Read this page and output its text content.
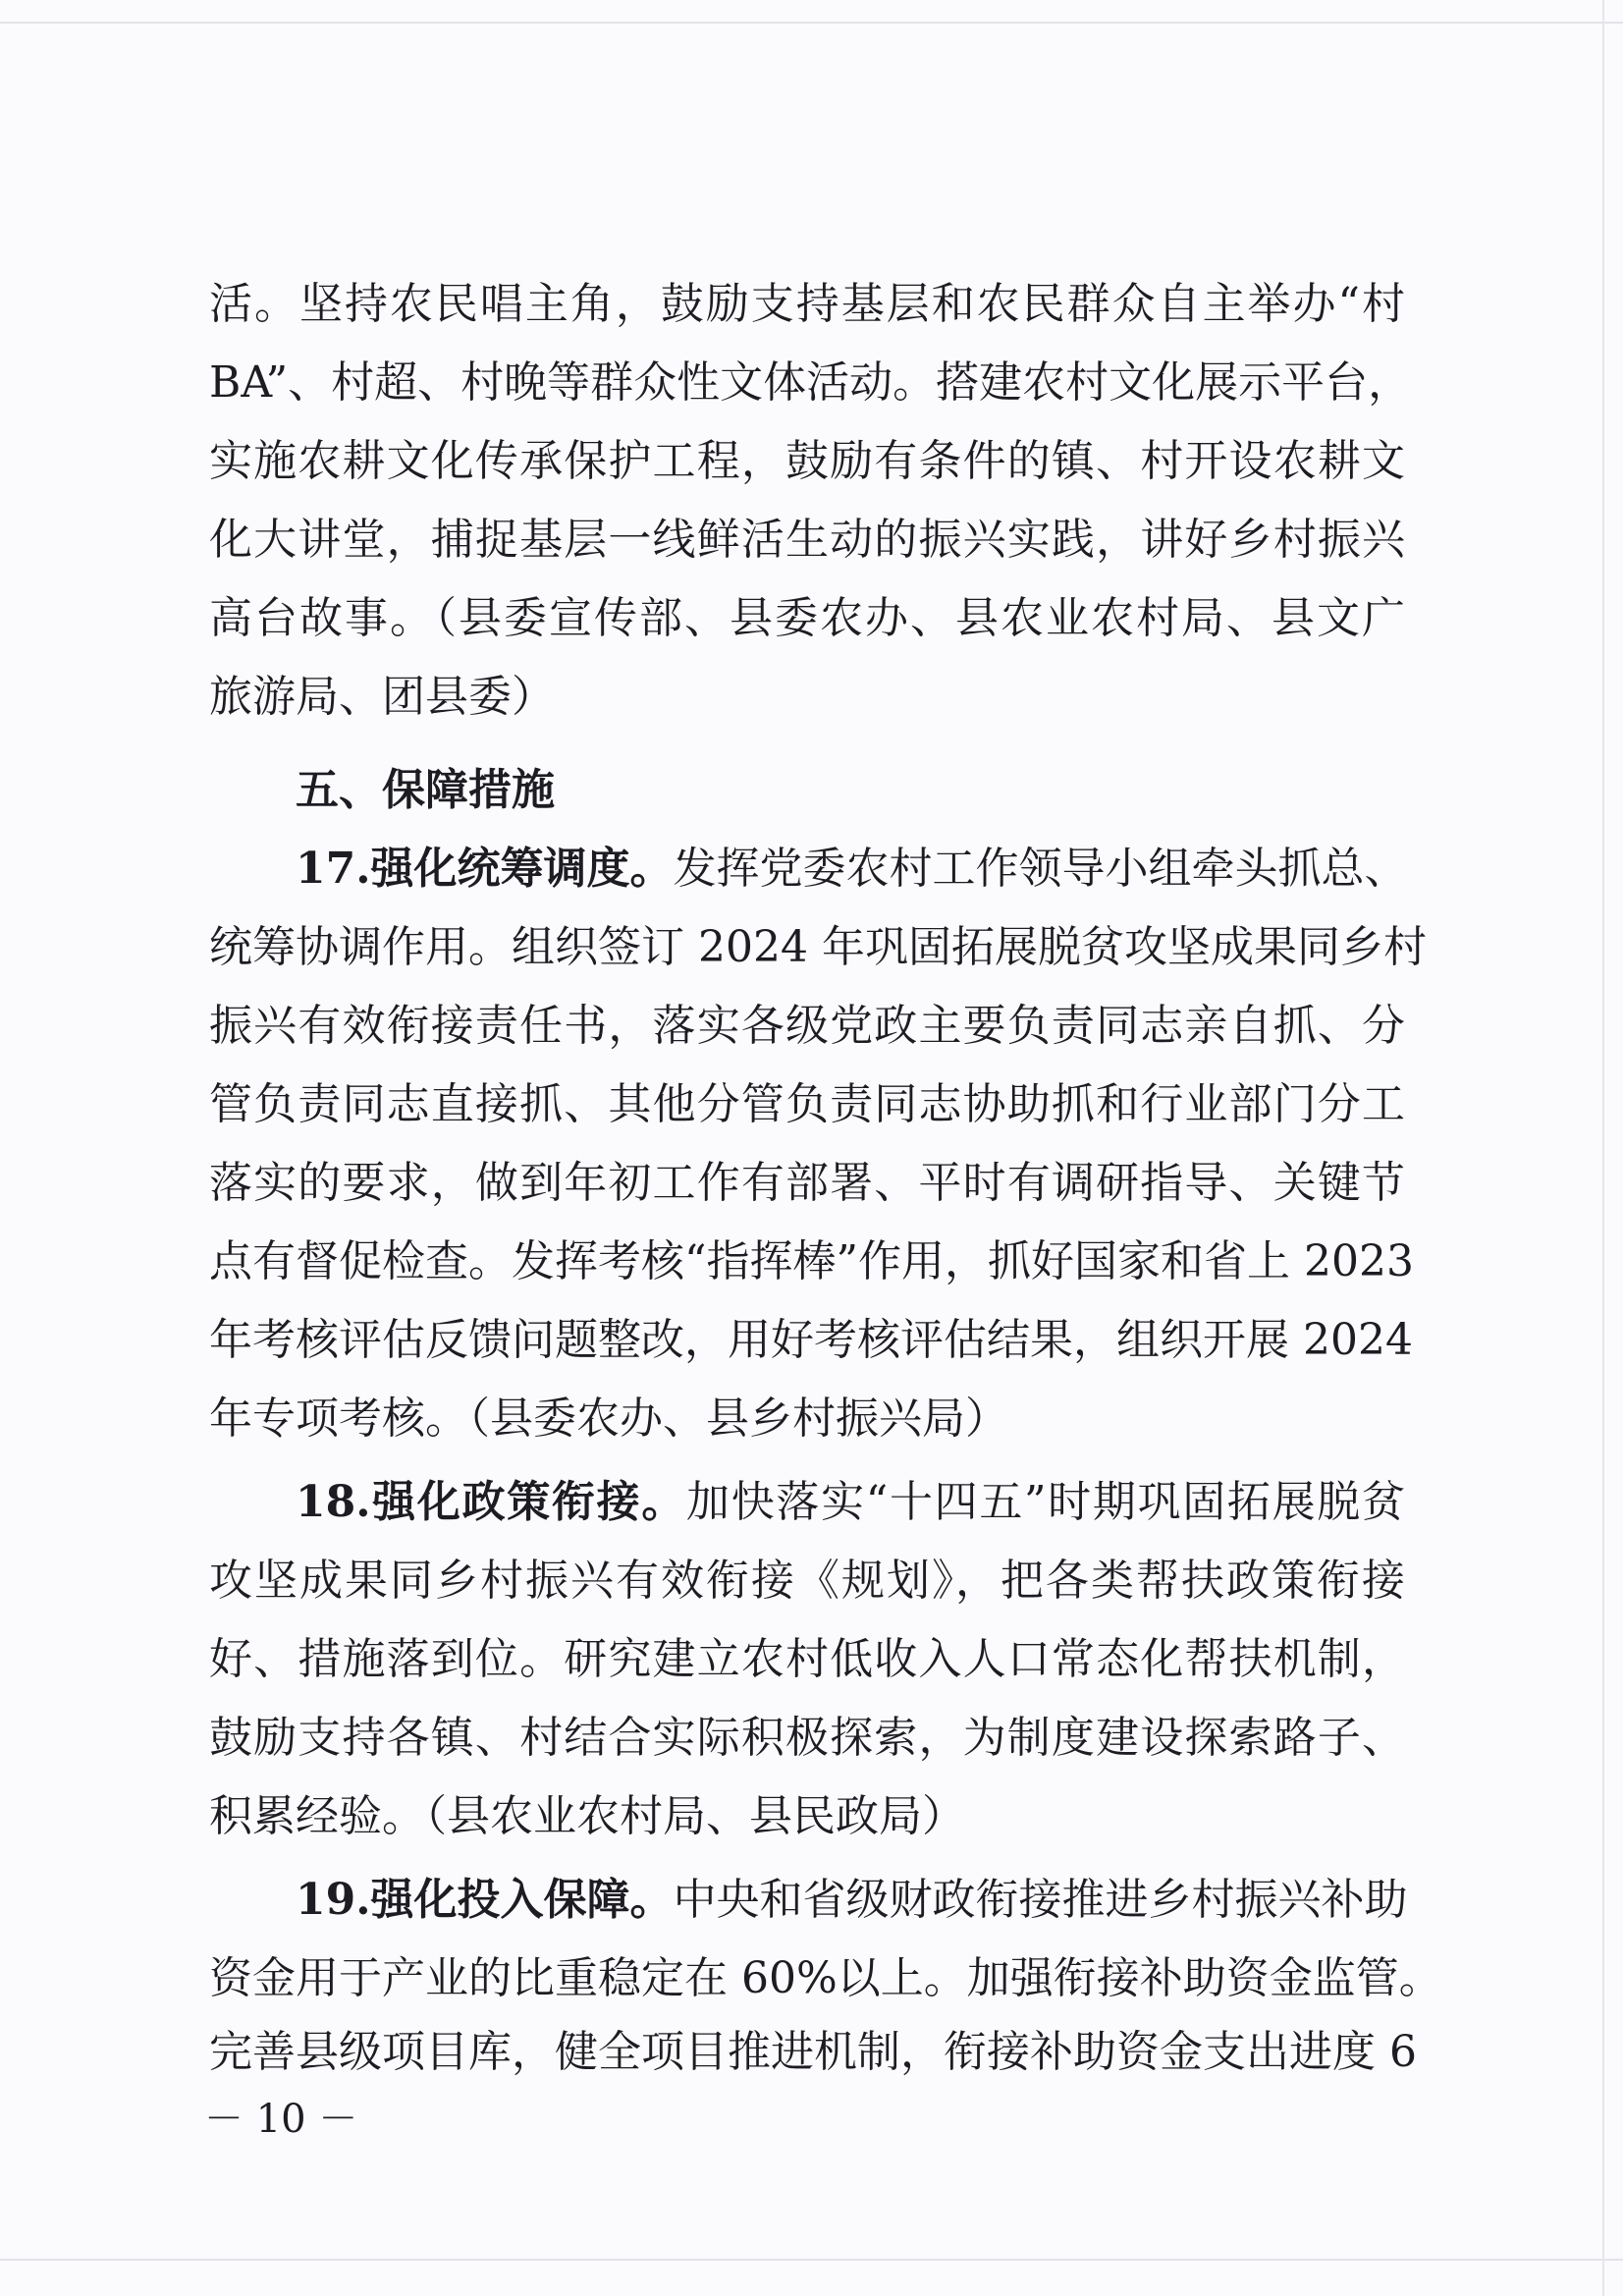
活。坚持农民唱主角，鼓励支持基层和农民群众自主举办“村
BA”、村超、村晚等群众性文体活动。搭建农村文化展示平台，
实施农耕文化传承保护工程，鼓励有条件的镇、村开设农耕文
化大讲堂，捕捉基层一线鲜活生动的振兴实践，讲好乡村振兴
高台故事。（县委宣传部、县委农办、县农业农村局、县文广
旅游局、团县委）
五、保障措施
17.强化统筹调度。发挥党委农村工作领导小组牵头抓总、
统筹协调作用。组织签订 2024 年巩固拓展脱贫攻坚成果同乡村
振兴有效衔接责任书，落实各级党政主要负责同志亲自抓、分
管负责同志直接抓、其他分管负责同志协助抓和行业部门分工
落实的要求，做到年初工作有部署、平时有调研指导、关键节
点有督促检查。发挥考核“指挥棒”作用，抓好国家和省上 2023
年考核评估反馈问题整改，用好考核评估结果，组织开展 2024
年专项考核。（县委农办、县乡村振兴局）
18.强化政策衔接。加快落实“十四五”时期巩固拓展脱贫
攻坚成果同乡村振兴有效衔接《规划》，把各类帮扶政策衔接
好、措施落到位。研究建立农村低收入人口常态化帮扶机制，
鼓励支持各镇、村结合实际积极探索，为制度建设探索路子、
积累经验。（县农业农村局、县民政局）
19.强化投入保障。中央和省级财政衔接推进乡村振兴补助
资金用于产业的比重稳定在 60%以上。加强衔接补助资金监管。
完善县级项目库，健全项目推进机制，衔接补助资金支出进度 6
－ 10 －
